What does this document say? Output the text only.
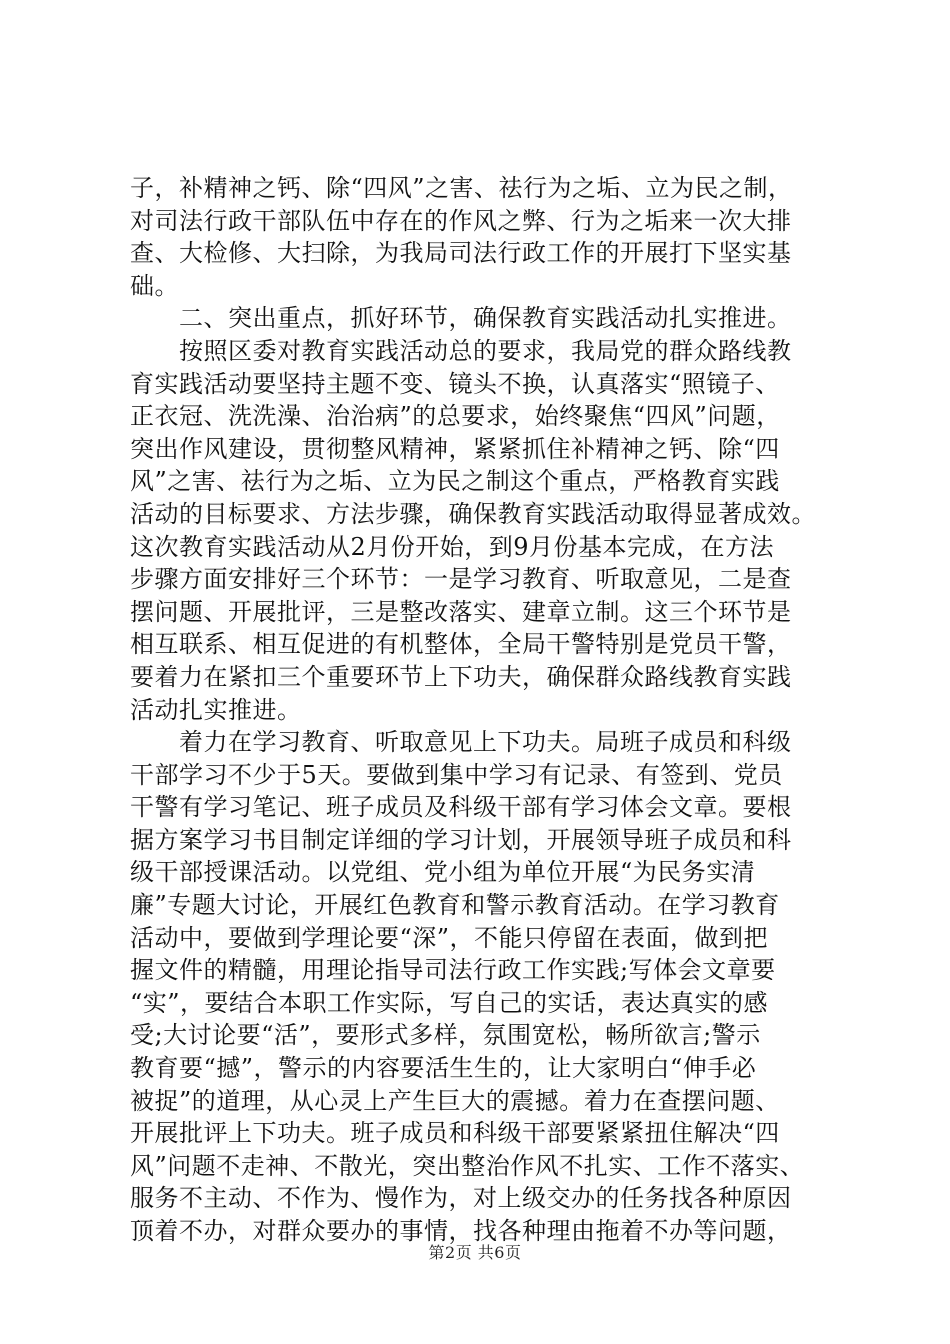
子，补精神之钙、除“四风”之害、祛行为之垢、立为民之制，
对司法行政干部队伍中存在的作风之弊、行为之垢来一次大排
查、大检修、大扫除，为我局司法行政工作的开展打下坚实基
础。
　　二、突出重点，抓好环节，确保教育实践活动扎实推进。
　　按照区委对教育实践活动总的要求，我局党的群众路线教
育实践活动要坚持主题不变、镜头不换，认真落实“照镜子、
正衣冠、洗洗澡、治治病”的总要求，始终聚焦“四风”问题，
突出作风建设，贯彻整风精神，紧紧抓住补精神之钙、除“四
风”之害、祛行为之垢、立为民之制这个重点，严格教育实践
活动的目标要求、方法步骤，确保教育实践活动取得显著成效。
这次教育实践活动从2月份开始，到9月份基本完成，在方法
步骤方面安排好三个环节：一是学习教育、听取意见，二是查
摆问题、开展批评，三是整改落实、建章立制。这三个环节是
相互联系、相互促进的有机整体，全局干警特别是党员干警，
要着力在紧扣三个重要环节上下功夫，确保群众路线教育实践
活动扎实推进。
　　着力在学习教育、听取意见上下功夫。局班子成员和科级
干部学习不少于5天。要做到集中学习有记录、有签到、党员
干警有学习笔记、班子成员及科级干部有学习体会文章。要根
据方案学习书目制定详细的学习计划，开展领导班子成员和科
级干部授课活动。以党组、党小组为单位开展“为民务实清
廉”专题大讨论，开展红色教育和警示教育活动。在学习教育
活动中，要做到学理论要“深”，不能只停留在表面，做到把
握文件的精髓，用理论指导司法行政工作实践;写体会文章要
“实”，要结合本职工作实际，写自己的实话，表达真实的感
受;大讨论要“活”，要形式多样，氛围宽松，畅所欲言;警示
教育要“撼”，警示的内容要活生生的，让大家明白“伸手必
被捉”的道理，从心灵上产生巨大的震撼。着力在查摆问题、
开展批评上下功夫。班子成员和科级干部要紧紧扭住解决“四
风”问题不走神、不散光，突出整治作风不扎实、工作不落实、
服务不主动、不作为、慢作为，对上级交办的任务找各种原因
顶着不办，对群众要办的事情，找各种理由拖着不办等问题，
第2页 共6页
